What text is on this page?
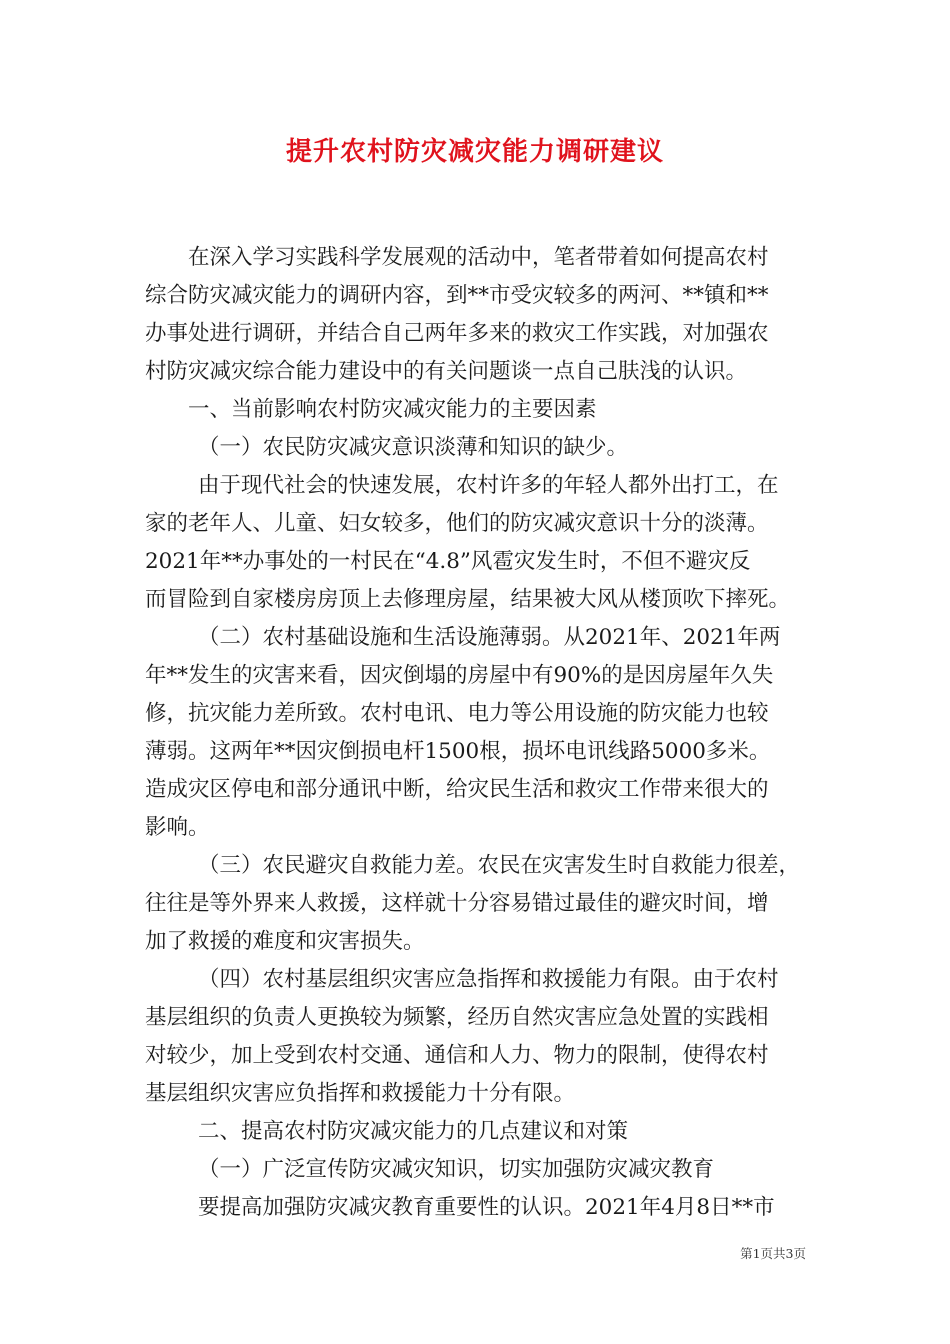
提升农村防灾减灾能力调研建议
在深入学习实践科学发展观的活动中，笔者带着如何提高农村
综合防灾减灾能力的调研内容，到**市受灾较多的两河、**镇和**
办事处进行调研，并结合自己两年多来的救灾工作实践，对加强农
村防灾减灾综合能力建设中的有关问题谈一点自己肤浅的认识。
一、当前影响农村防灾减灾能力的主要因素
（一）农民防灾减灾意识淡薄和知识的缺少。
由于现代社会的快速发展，农村许多的年轻人都外出打工，在
家的老年人、儿童、妇女较多，他们的防灾减灾意识十分的淡薄。
2021年**办事处的一村民在“4.8”风雹灾发生时，不但不避灾反
而冒险到自家楼房房顶上去修理房屋，结果被大风从楼顶吹下摔死。
（二）农村基础设施和生活设施薄弱。从2021年、2021年两
年**发生的灾害来看，因灾倒塌的房屋中有90%的是因房屋年久失
修，抗灾能力差所致。农村电讯、电力等公用设施的防灾能力也较
薄弱。这两年**因灾倒损电杆1500根，损坏电讯线路5000多米。
造成灾区停电和部分通讯中断，给灾民生活和救灾工作带来很大的
影响。
（三）农民避灾自救能力差。农民在灾害发生时自救能力很差，
往往是等外界来人救援，这样就十分容易错过最佳的避灾时间，增
加了救援的难度和灾害损失。
（四）农村基层组织灾害应急指挥和救援能力有限。由于农村
基层组织的负责人更换较为频繁，经历自然灾害应急处置的实践相
对较少，加上受到农村交通、通信和人力、物力的限制，使得农村
基层组织灾害应负指挥和救援能力十分有限。
二、提高农村防灾减灾能力的几点建议和对策
（一）广泛宣传防灾减灾知识，切实加强防灾减灾教育
要提高加强防灾减灾教育重要性的认识。2021年4月8日**市
第1页共3页
